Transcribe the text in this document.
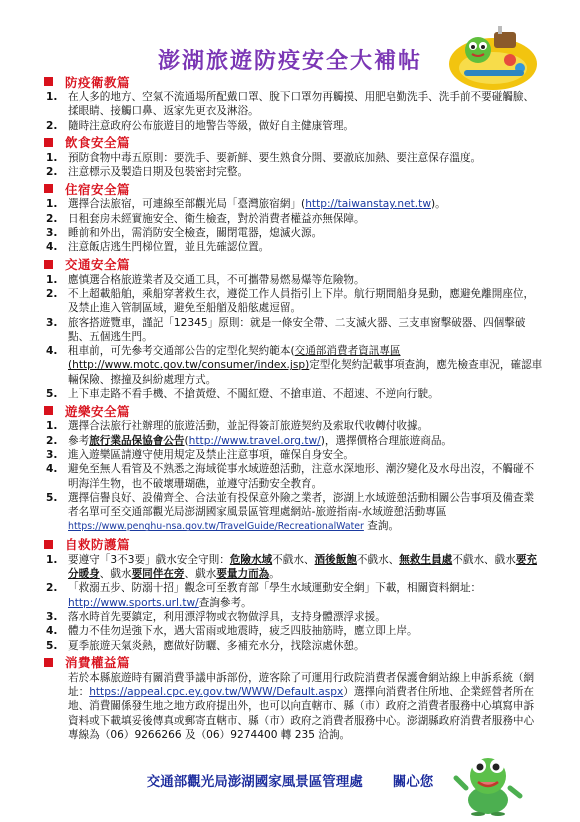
澎湖旅遊防疫安全大補帖
防疫衛教篇
1. 在人多的地方、空氣不流通場所配戴口罩、脫下口罩勿再觸摸、用肥皂勤洗手、洗手前不要碰觸臉、揉眼睛、接觸口鼻、返家先更衣及淋浴。
2. 隨時注意政府公布旅遊目的地警告等級，做好自主健康管理。
飲食安全篇
1. 預防食物中毒五原則：要洗手、要新鮮、要生熟食分開、要澈底加熱、要注意保存溫度。
2. 注意標示及製造日期及包裝密封完整。
住宿安全篇
1. 選擇合法旅宿，可連線至部觀光局「臺灣旅宿網」(http://taiwanstay.net.tw)。
2. 日租套房未經實施安全、衛生檢查，對於消費者權益亦無保障。
3. 睡前和外出，需消防安全檢查，關閉電器，熄滅火源。
4. 注意飯店逃生門梯位置，並且先確認位置。
交通安全篇
1. 應慎選合格旅遊業者及交通工具，不可攜帶易燃易爆等危險物。
2. 不上超載船舶，乘船穿著救生衣，遵從工作人員指引上下岸。航行期間船身晃動，應避免離開座位，及禁止進入管制區域，避免至船艏及船舷處逗留。
3. 旅客搭遊覽車，謹記「12345」原則：就是一條安全帶、二支滅火器、三支車窗擊破器、四個擊破點、五個逃生門。
4. 租車前，可先參考交通部公告的定型化契約範本(交通部消費者資訊專區(http://www.motc.gov.tw/consumer/index.jsp)定型化契約記載事項查詢，應先檢查車況，確認車輛保險、擦撞及糾紛處理方式。
5. 上下車走路不看手機、不搶黃燈、不闖紅燈、不搶車道、不超速、不逆向行駛。
遊樂安全篇
1. 選擇合法旅行社辦理的旅遊活動，並記得簽訂旅遊契約及索取代收轉付收據。
2. 參考旅行業品保協會公告(http://www.travel.org.tw/)，選擇價格合理旅遊商品。
3. 進入遊樂區請遵守使用規定及禁止注意事項，確保自身安全。
4. 避免至無人看管及不熟悉之海域從事水域遊憩活動，注意水深地形、潮汐變化及水母出沒，不觸碰不明海洋生物，也不破壞珊瑚礁，並遵守活動安全教育。
5. 選擇信譽良好、設備齊全、合法並有投保意外險之業者，澎湖上水域遊憩活動相關公告事項及備查業者名單可至交通部觀光局澎湖國家風景區管理處網站-旅遊指南-水域遊憩活動專區 https://www.penghu-nsa.gov.tw/TravelGuide/RecreationalWater 查詢。
自救防護篇
1. 要遵守「3不3要」戲水安全守則：危險水域不戲水、酒後飯飽不戲水、無救生員處不戲水、戲水要充分暖身、戲水要同伴在旁、戲水要量力而為。
2. 「救溺五步、防溺十招」觀念可至教育部「學生水域運動安全網」下載，相關資料網址：http://www.sports.url.tw/查詢參考。
3. 落水時首先要鎮定，利用漂浮物或衣物做浮具，支持身體漂浮求援。
4. 體力不佳勿逞強下水，遇大雷雨或地震時，疲乏四肢抽筋時，應立即上岸。
5. 夏季旅遊天氣炎熱，應做好防曬、多補充水分，找陰涼處休憩。
消費權益篇
若於本縣旅遊時有關消費爭議申訴部份，遊客除了可運用行政院消費者保護會網站線上申訴系統（網址：https://appeal.cpc.ey.gov.tw/WWW/Default.aspx）選擇向消費者住所地、企業經營者所在地、消費關係發生地之地方政府提出外，也可以向直轄市、縣（市）政府之消費者服務中心填寫申訴資料或下載填妥後傳真或郵寄直轄市、縣（市）政府之消費者服務中心。澎湖縣政府消費者服務中心專線為（06）9266266 及（06）9274400 轉 235 洽詢。
交通部觀光局澎湖國家風景區管理處 關心您
